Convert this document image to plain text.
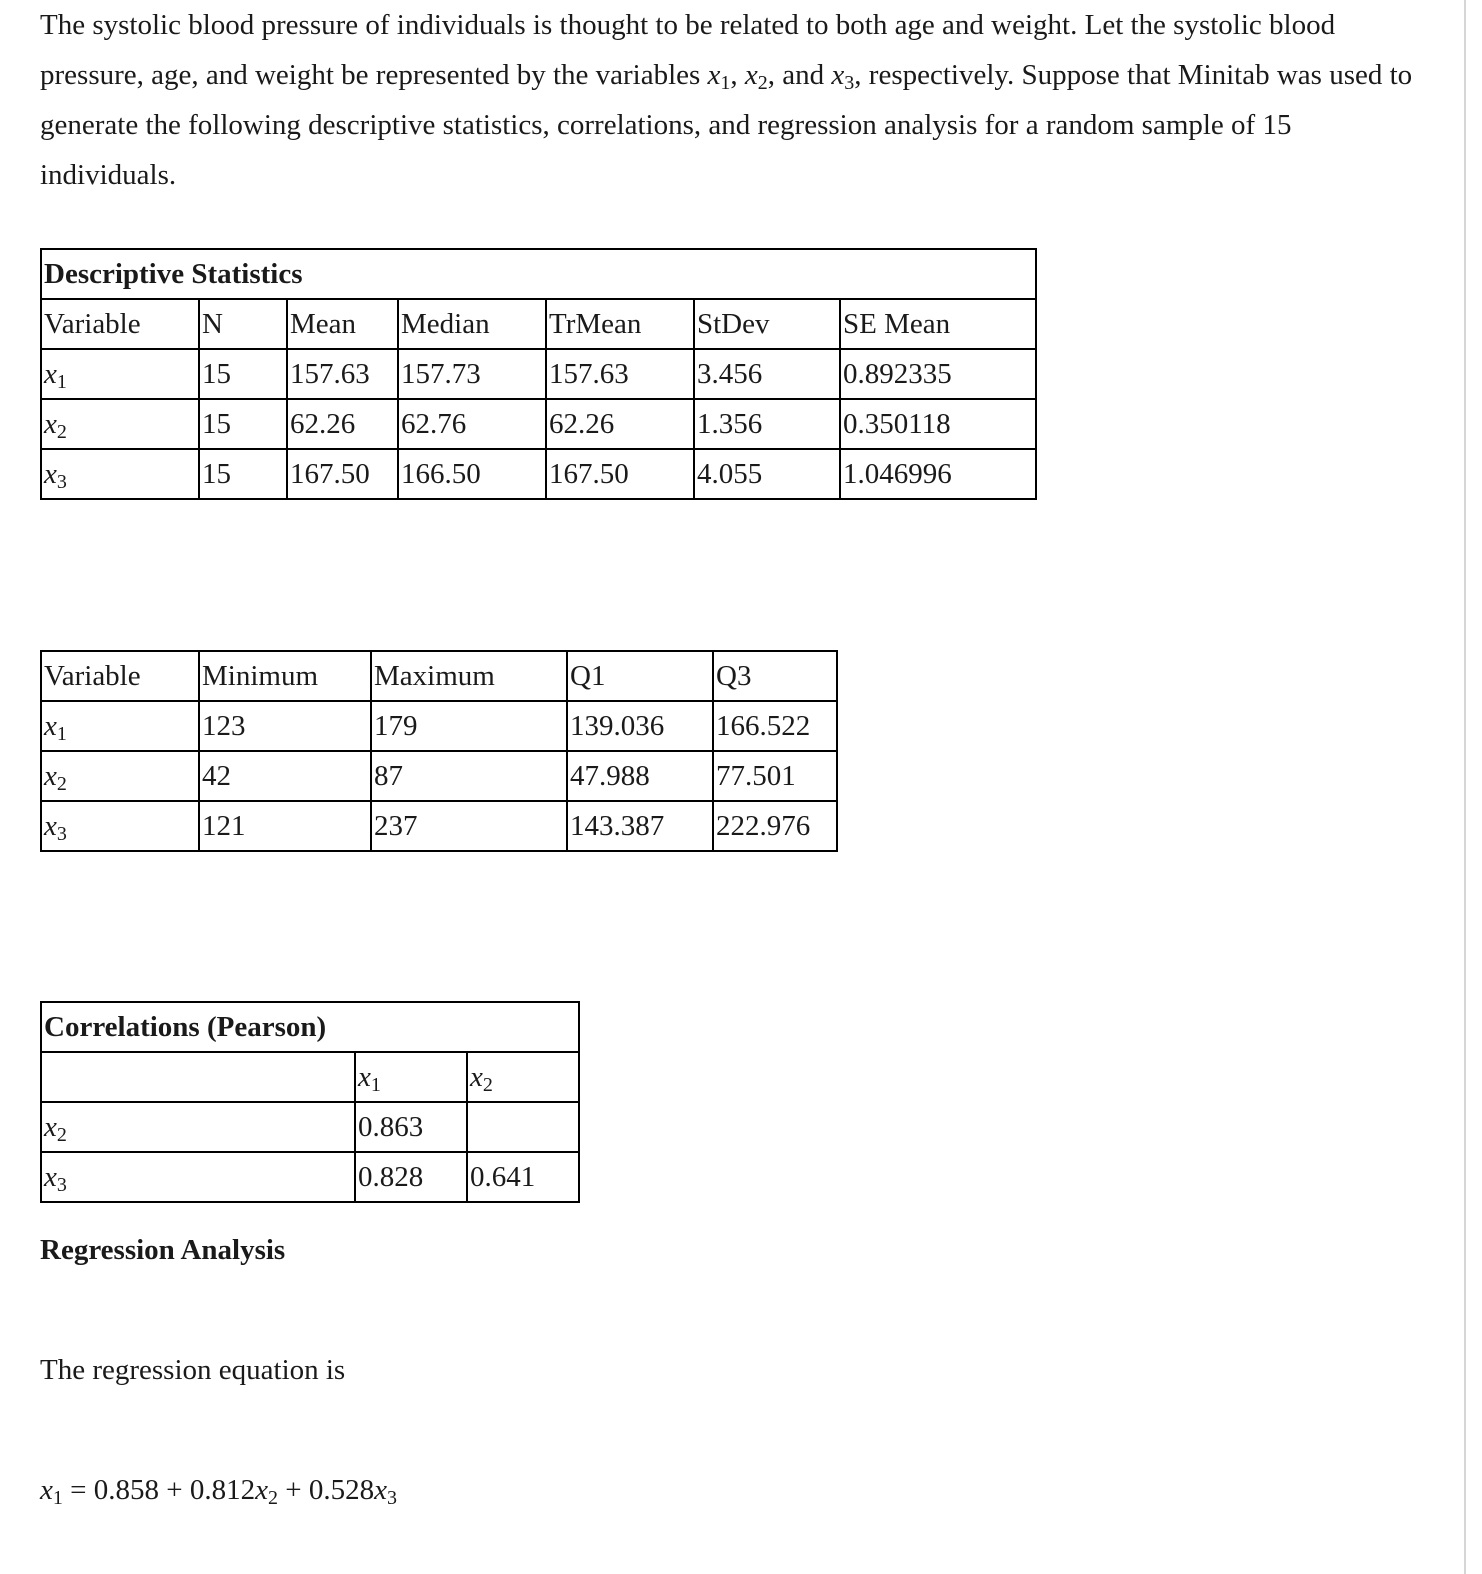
The systolic blood pressure of individuals is thought to be related to both age and weight. Let the systolic blood pressure, age, and weight be represented by the variables $x_1$, $x_2$, and $x_3$, respectively. Suppose that Minitab was used to generate the following descriptive statistics, correlations, and regression analysis for a random sample of 15 individuals.

Descriptive Statistics						
Variable	N	Mean	Median	TrMean	StDev	SE Mean
$x_1$	15	157.63	157.73	157.63	3.456	0.892335
$x_2$	15	62.26	62.76	62.26	1.356	0.350118
$x_3$	15	167.50	166.50	167.50	4.055	1.046996
Variable	Minimum	Maximum	Q1	Q3
$x_1$	123	179	139.036	166.522
$x_2$	42	87	47.988	77.501
$x_3$	121	237	143.387	222.976
Correlations (Pearson)		
	$x_1$	$x_2$
$x_2$	0.863	
$x_3$	0.828	0.641
Regression Analysis
The regression equation is
$x_1 = 0.858 + 0.812x_2 + 0.528x_3$
